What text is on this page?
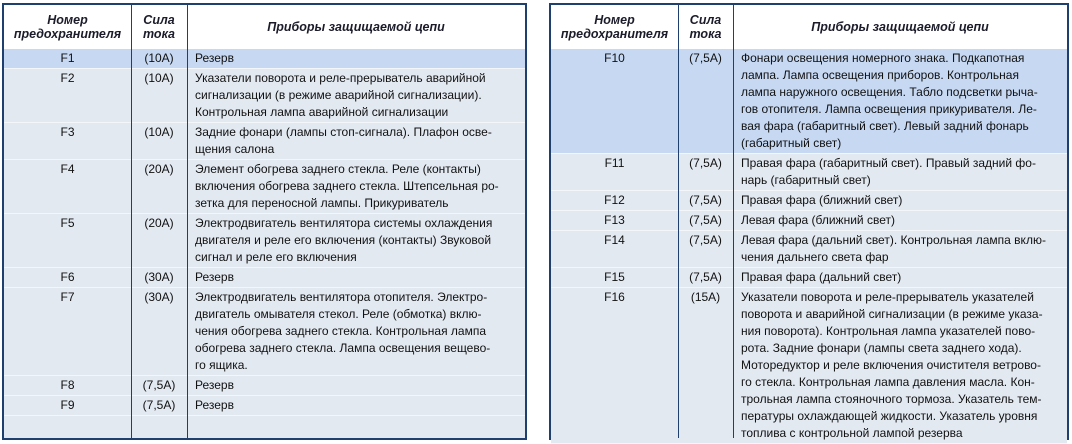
Номер
предохранителя
Сила
тока	Приборы защищаемой цепи
F1	(10A)	Резерв
F2	(10A)	Указатели поворота и реле-прерыватель аварийной
сигнализации (в режиме аварийной сигнализации).
Контрольная лампа аварийной сигнализации
F3	(10A)	Задние фонари (лампы стоп-сигнала). Плафон осве-
щения салона
F4	(20A)	Элемент обогрева заднего стекла. Реле (контакты)
включения обогрева заднего стекла. Штепсельная ро-
зетка для переносной лампы. Прикуриватель
F5	(20A)	Электродвигатель вентилятора системы охлаждения
двигателя и реле его включения (контакты) Звуковой
сигнал и реле его включения
F6	(30A)	Резерв
F7	(30A)	Электродвигатель вентилятора отопителя. Электро-
двигатель омывателя стекол. Реле (обмотка) вклю-
чения обогрева заднего стекла. Контрольная лампа
обогрева заднего стекла. Лампа освещения вещево-
го ящика.
F8	(7,5A)	Резерв
F9	(7,5A)	Резерв
Номер
предохранителя
Сила
тока	Приборы защищаемой цепи
F10	(7,5A)	Фонари освещения номерного знака. Подкапотная
лампа. Лампа освещения приборов. Контрольная
лампа наружного освещения. Табло подсветки рыча-
гов отопителя. Лампа освещения прикуривателя. Ле-
вая фара (габаритный свет). Левый задний фонарь
(габаритный свет)
F11	(7,5A)	Правая фара (габаритный свет). Правый задний фо-
нарь (габаритный свет)
F12	(7,5A)	Правая фара (ближний свет)
F13	(7,5A)	Левая фара (ближний свет)
F14	(7,5A)	Левая фара (дальний свет). Контрольная лампа вклю-
чения дальнего света фар
F15	(7,5A)	Правая фара (дальний свет)
F16	(15A)	Указатели поворота и реле-прерыватель указателей
поворота и аварийной сигнализации (в режиме указа-
ния поворота). Контрольная лампа указателей пово-
рота. Задние фонари (лампы света заднего хода).
Моторедуктор и реле включения очистителя ветрово-
го стекла. Контрольная лампа давления масла. Кон-
трольная лампа стояночного тормоза. Указатель тем-
пературы охлаждающей жидкости. Указатель уровня
топлива с контрольной лампой резерва
